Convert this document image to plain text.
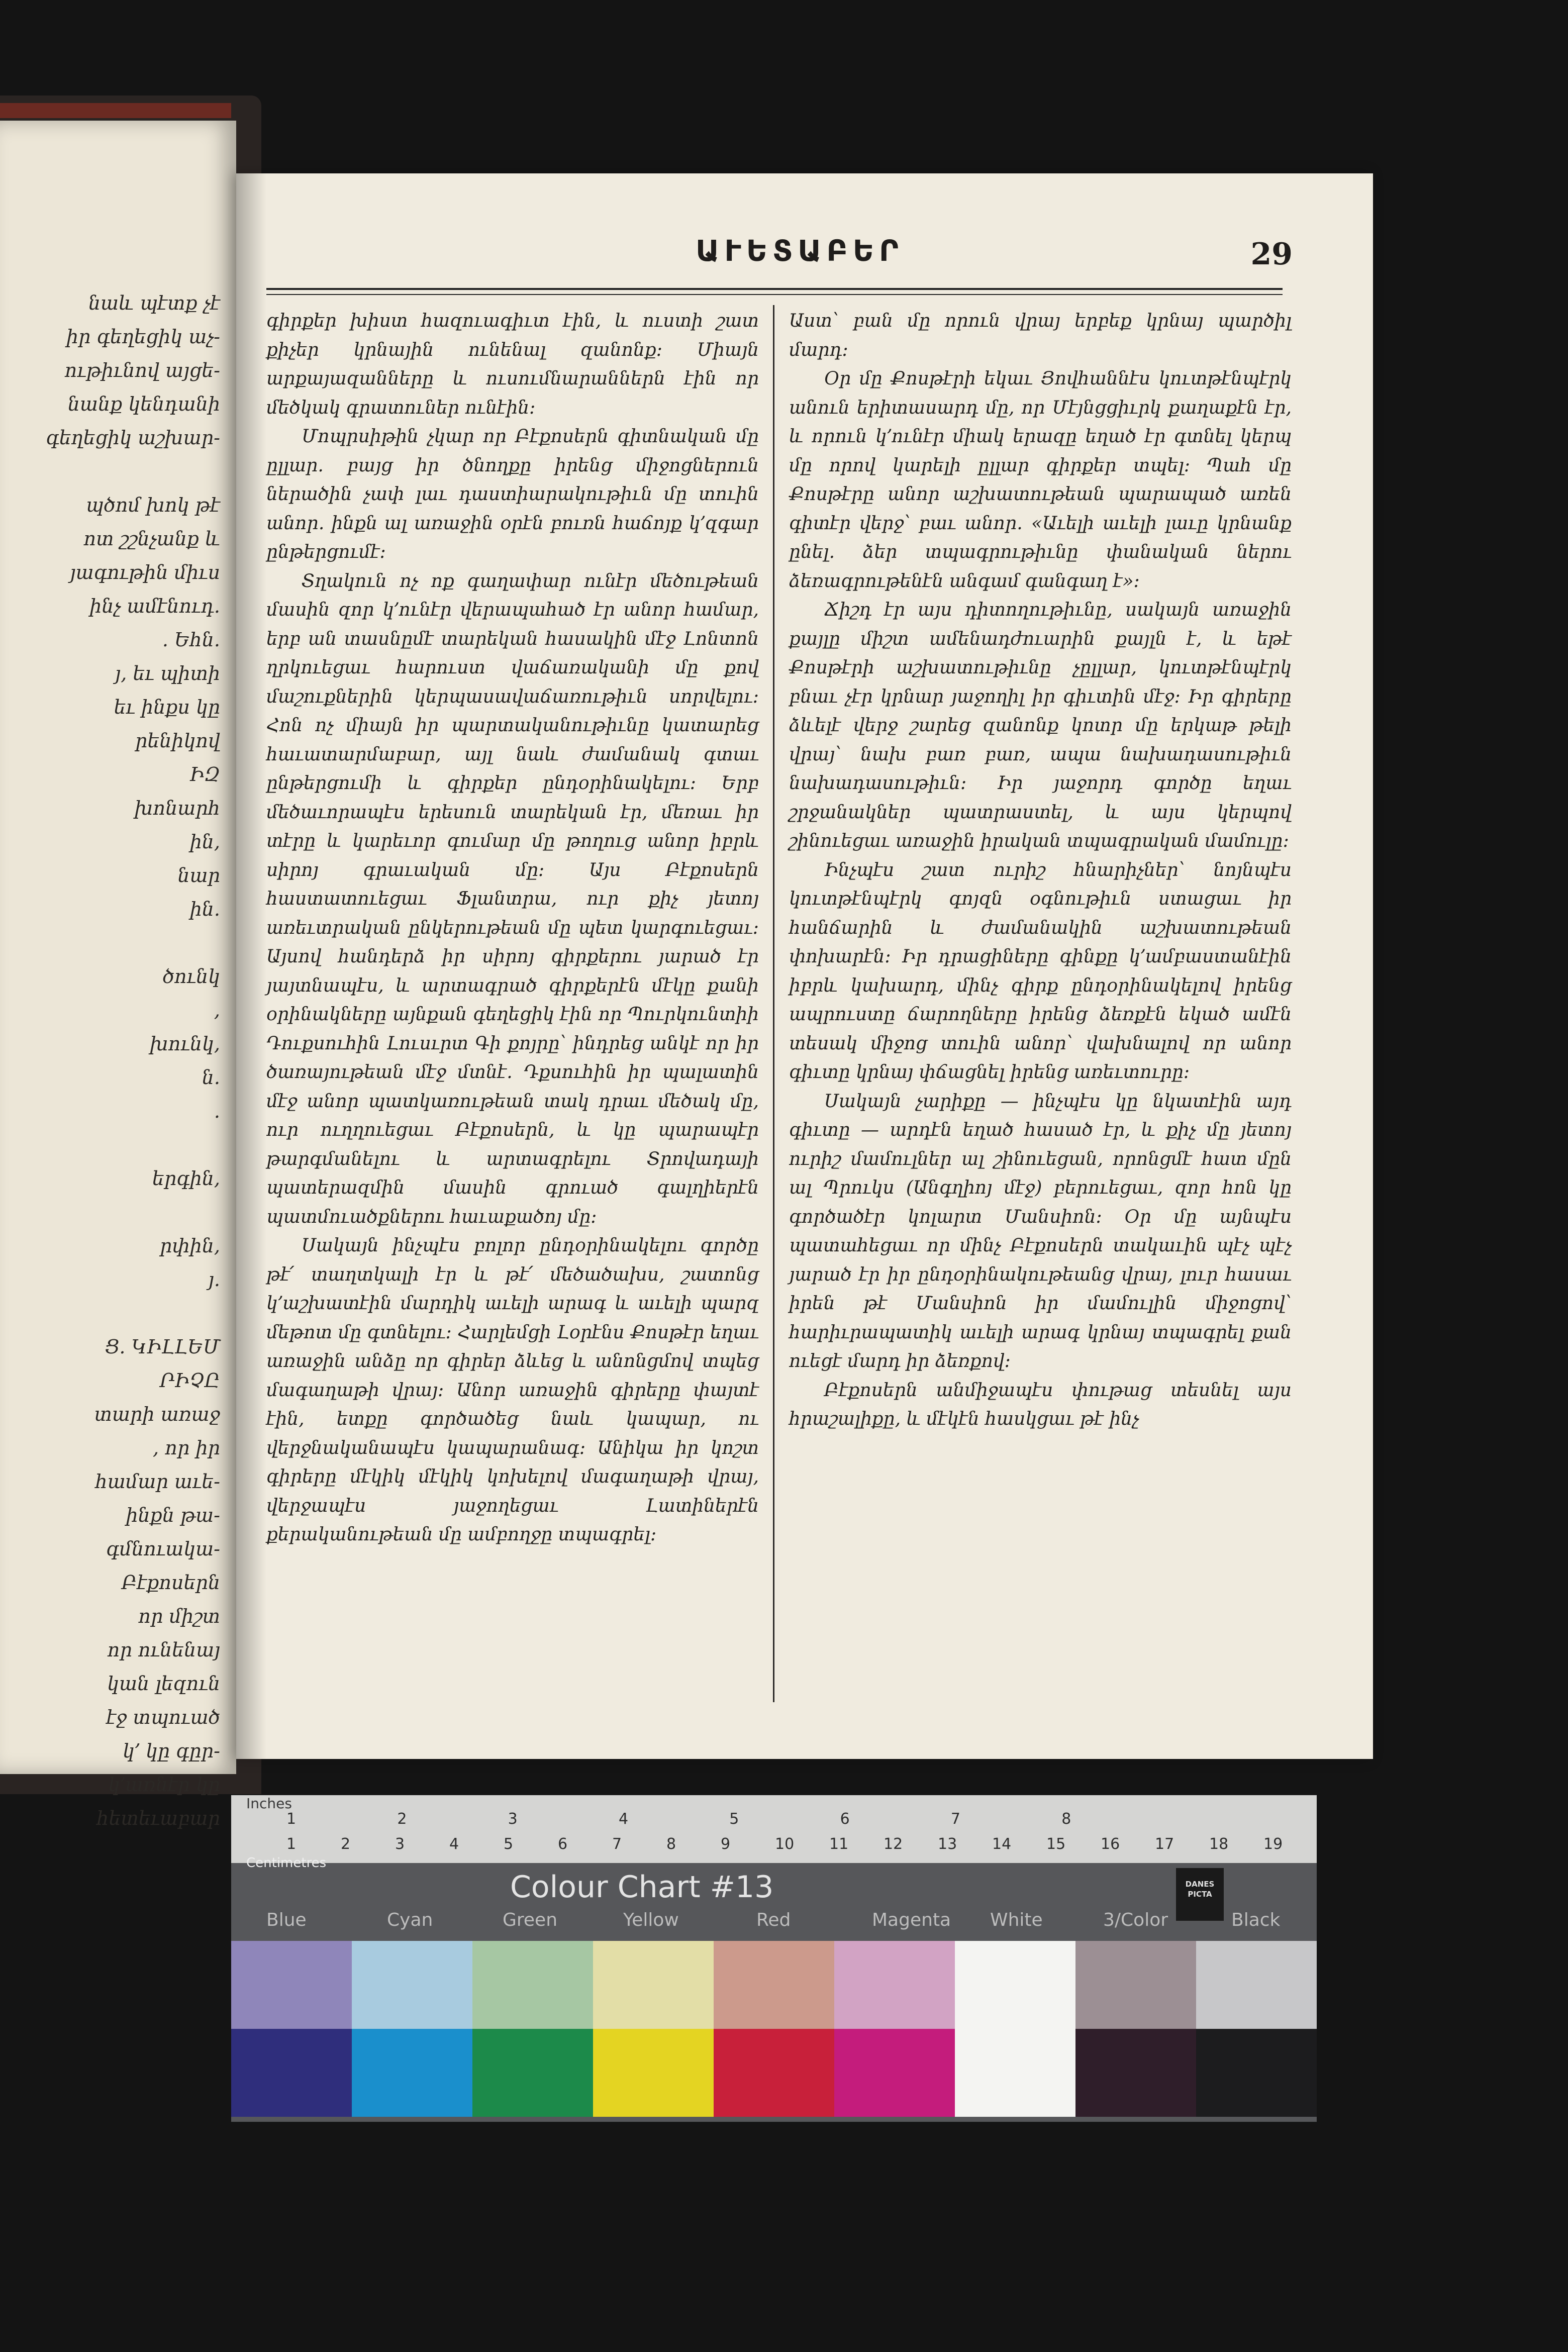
նաև պէտք չէ
իր գեղեցիկ աչ-
ութիւնով այցե-
նանք կենդանի
գեղեցիկ աշխար-

պծոմ խոկ թէ
ոտ շշնչանք և
յագութին միւս
ինչ ամէնուդ.
. Եհն.
յ, եւ պիտի
եւ ինքս կը
րենիկով
ԻԶ
խոնարհ
ին,
նար
ին.

ծունկ
,
խունկ,
ն.
.

երգին,

րփին,
յ.

Ց. ԿԻԼԼԵՄ
ՐԻՉԸ
տարի առաջ
, որ իր
համար աւե-
ինքն թա-
գմնուակա-
Բէքոսերն
որ միշտ
որ ունենայ
կան լեզուն
էջ տպուած
կ՚ կը գըր-
կ՚առնէր կը
հետեւաբար
ԱՒԵՏԱԲԵՐ	29

գիրքեր խիստ հազուագիւտ էին, և ուստի շատ քիչեր կրնային ունենալ զանոնք։ Միայն արքայազանները և ուսումնարաններն էին որ մեծկակ գրատուներ ունէին։

Մոպրսիթին չկար որ Բէքոսերն գիտնական մը ըլլար․ բայց իր ծնողքը իրենց միջոցներուն ներածին չափ լաւ դաստիարակութիւն մը տուին անոր․ ինքն ալ առաջին օրէն բուռն հաճոյք կ՚զգար ընթերցումէ։

Տղակուն ոչ ոք գաղափար ունէր մեծութեան մասին զոր կ՚ունէր վերապահած էր անոր համար, երբ ան տասնըմէ տարեկան հասակին մէջ Լոնտոն ղրկուեցաւ հարուստ վաճառականի մը քով մաշուքներին կերպասավաճառութիւն սորվելու։ Հոն ոչ միայն իր պարտականութիւնը կատարեց հաւատարմաբար, այլ նաև ժամանակ գտաւ ընթերցումի և գիրքեր ընդօրինակելու։ Երբ մեծաւորապէս երեսուն տարեկան էր, մեռաւ իր տէրը և կարեւոր գումար մը թողուց անոր իբրև սիրոյ գրաւական մը։ Այս Բէքոսերն հաստատուեցաւ Ֆլանտրա, ուր քիչ յետոյ առեւտրական ընկերութեան մը պետ կարգուեցաւ։ Այսով հանդերձ իր սիրոյ գիրքերու յարած էր յայտնապէս, և արտագրած գիրքերէն մէկը քանի օրինակները այնքան գեղեցիկ էին որ Պուրկունտիի Դուքսուհին Լուսւրտ Գի քոյրը՝ ինդրեց անկէ որ իր ծառայութեան մէջ մտնէ․ Դքսուհին իր պալատին մէջ անոր պատկառութեան տակ դրաւ մեծակ մը, ուր ուղղուեցաւ Բէքոսերն, և կը պարապէր թարգմանելու և արտագրելու Տրովադայի պատերազմին մասին գրուած գալղիերէն պատմուածքներու հաւաքածոյ մը։

Սակայն ինչպէս բոլոր ընդօրինակելու գործը թէ՛ տաղտկալի էր և թէ՛ մեծածախս, շատոնց կ՚աշխատէին մարդիկ աւելի արագ և աւելի պարզ մեթոտ մը գտնելու։ Հարլեմցի Լօրէնս Քոսթէր եղաւ առաջին անձը որ գիրեր ձևեց և անոնցմով տպեց մագաղաթի վրայ։ Անոր առաջին գիրերը փայտէ էին, ետքը գործածեց նաև կապար, ու վերջնականապէս կապարանագ։ Անիկա իր կոշտ գիրերը մէկիկ մէկիկ կոխելով մագաղաթի վրայ, վերջապէս յաջողեցաւ Լատիներէն քերականութեան մը ամբողջը տպագրել։

Աստ՝ բան մը որուն վրայ երբեք կրնայ պարծիլ մարդ։

Օր մը Քոսթէրի եկաւ Յովհաննէս կուտթէնպէրկ անուն երիտասարդ մը, որ Մէյնցցիւրկ քաղաքէն էր, և որուն կ՚ունէր միակ երազը եղած էր գտնել կերպ մը որով կարելի ըլլար գիրքեր տպել։ Պահ մը Քոսթէրը անոր աշխատութեան պարապած առեն գիտէր վերջ՝ բաւ անոր․ «Աւելի աւելի լաւը կրնանք ընել․ ձեր տպագրութիւնը փանական ներու ձեռագրութենէն անգամ գանգաղ է»։

Ճիշդ էր այս դիտողութիւնը, սակայն առաջին քայլը միշտ ամենադժուարին քայլն է, և եթէ Քոսթէրի աշխատութիւնը չըլլար, կուտթէնպէրկ բնաւ չէր կրնար յաջողիլ իր գիւտին մէջ։ Իր գիրերը ձևելէ վերջ շարեց զանոնք կոտր մը երկաթ թելի վրայ՝ նախ բառ բառ, ապա նախադասութիւն նախադասութիւն։ Իր յաջորդ գործը եղաւ շրջանակներ պատրաստել, և այս կերպով շինուեցաւ առաջին իրական տպագրական մամուլը։

Ինչպէս շատ ուրիշ հնարիչներ՝ նոյնպէս կուտթէնպէրկ գոյզն օգնութիւն ստացաւ իր հանճարին և ժամանակին աշխատութեան փոխարէն։ Իր դրացիները գինքը կ՚ամբաստանէին իբրև կախարդ, մինչ գիրք ընդօրինակելով իրենց ապրուստը ճարողները իրենց ձեռքէն եկած ամէն տեսակ միջոց տուին անոր՝ վախնալով որ անոր գիւտը կրնայ փճացնել իրենց առեւտուրը։

Սակայն չարիքը — ինչպէս կը նկատէին այդ գիւտը — արդէն եղած հասած էր, և քիչ մը յետոյ ուրիշ մամուլներ ալ շինուեցան, որոնցմէ հատ մըն ալ Պրուկս (Անգղիոյ մէջ) բերուեցաւ, զոր հոն կը գործածէր կոլարտ Մանսիոն։ Օր մը այնպէս պատահեցաւ որ մինչ Բէքոսերն տակաւին պէչ պէչ յարած էր իր ընդօրինակութեանց վրայ, լուր հասաւ իրեն թէ Մանսիոն իր մամուլին միջոցով՝ հարիւրապատիկ աւելի արագ կրնայ տպագրել քան ուեցէ մարդ իր ձեռքով։

Բէքոսերն անմիջապէս փութաց տեսնել այս հրաշալիքը, և մէկէն հասկցաւ թէ ինչ

Inches
1	2	3	4	5	6	7	8
1	2	3	4	5	6	7	8	9	10 11 12 13 14 15 16 17 18 19
Centimetres
Colour Chart #13	DANES PICTA
Blue	Cyan	Green	Yellow	Red	Magenta White	3/Color	Black
